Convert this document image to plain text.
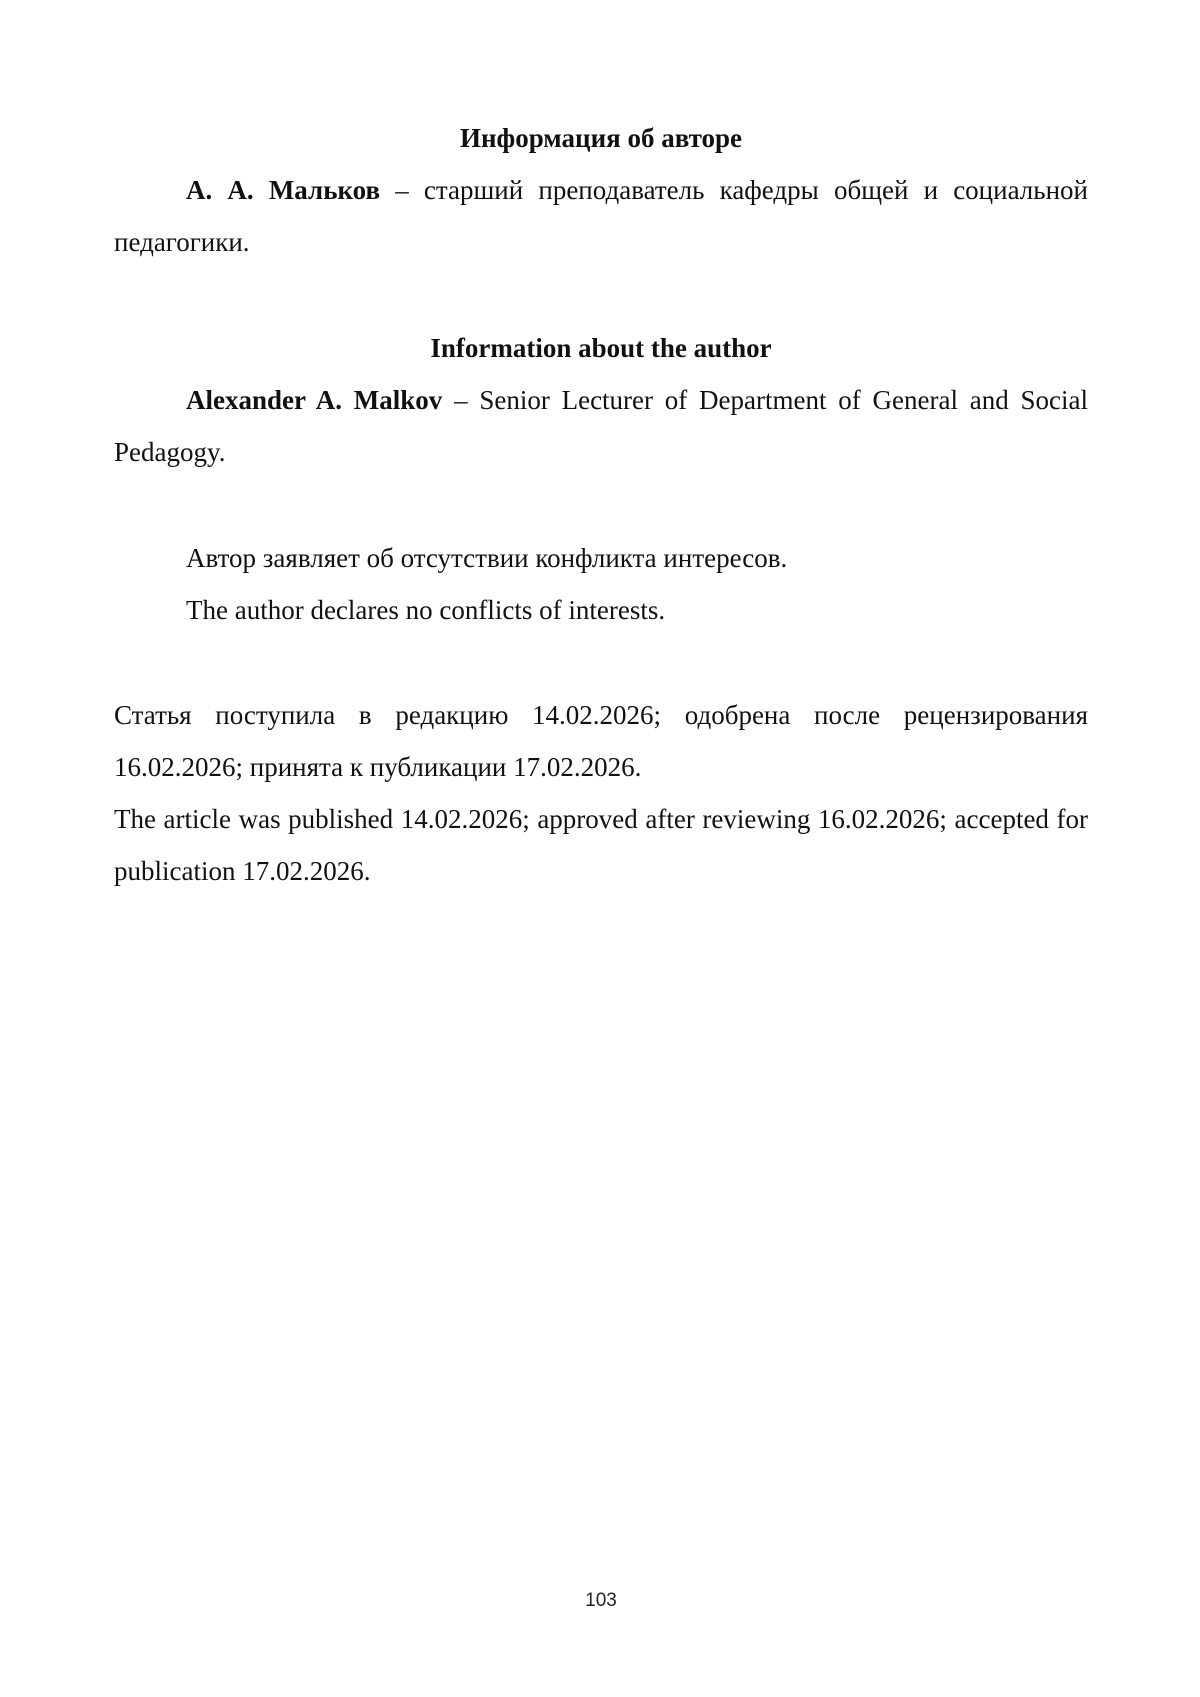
Информация об авторе

А. А. Мальков – старший преподаватель кафедры общей и социальной педагогики.

Information about the author

Alexander A. Malkov – Senior Lecturer of Department of General and Social Pedagogy.

Автор заявляет об отсутствии конфликта интересов.

The author declares no conflicts of interests.

Статья поступила в редакцию 14.02.2026; одобрена после рецензирования 16.02.2026; принята к публикации 17.02.2026.

The article was published 14.02.2026; approved after reviewing 16.02.2026; accepted for publication 17.02.2026.

103
